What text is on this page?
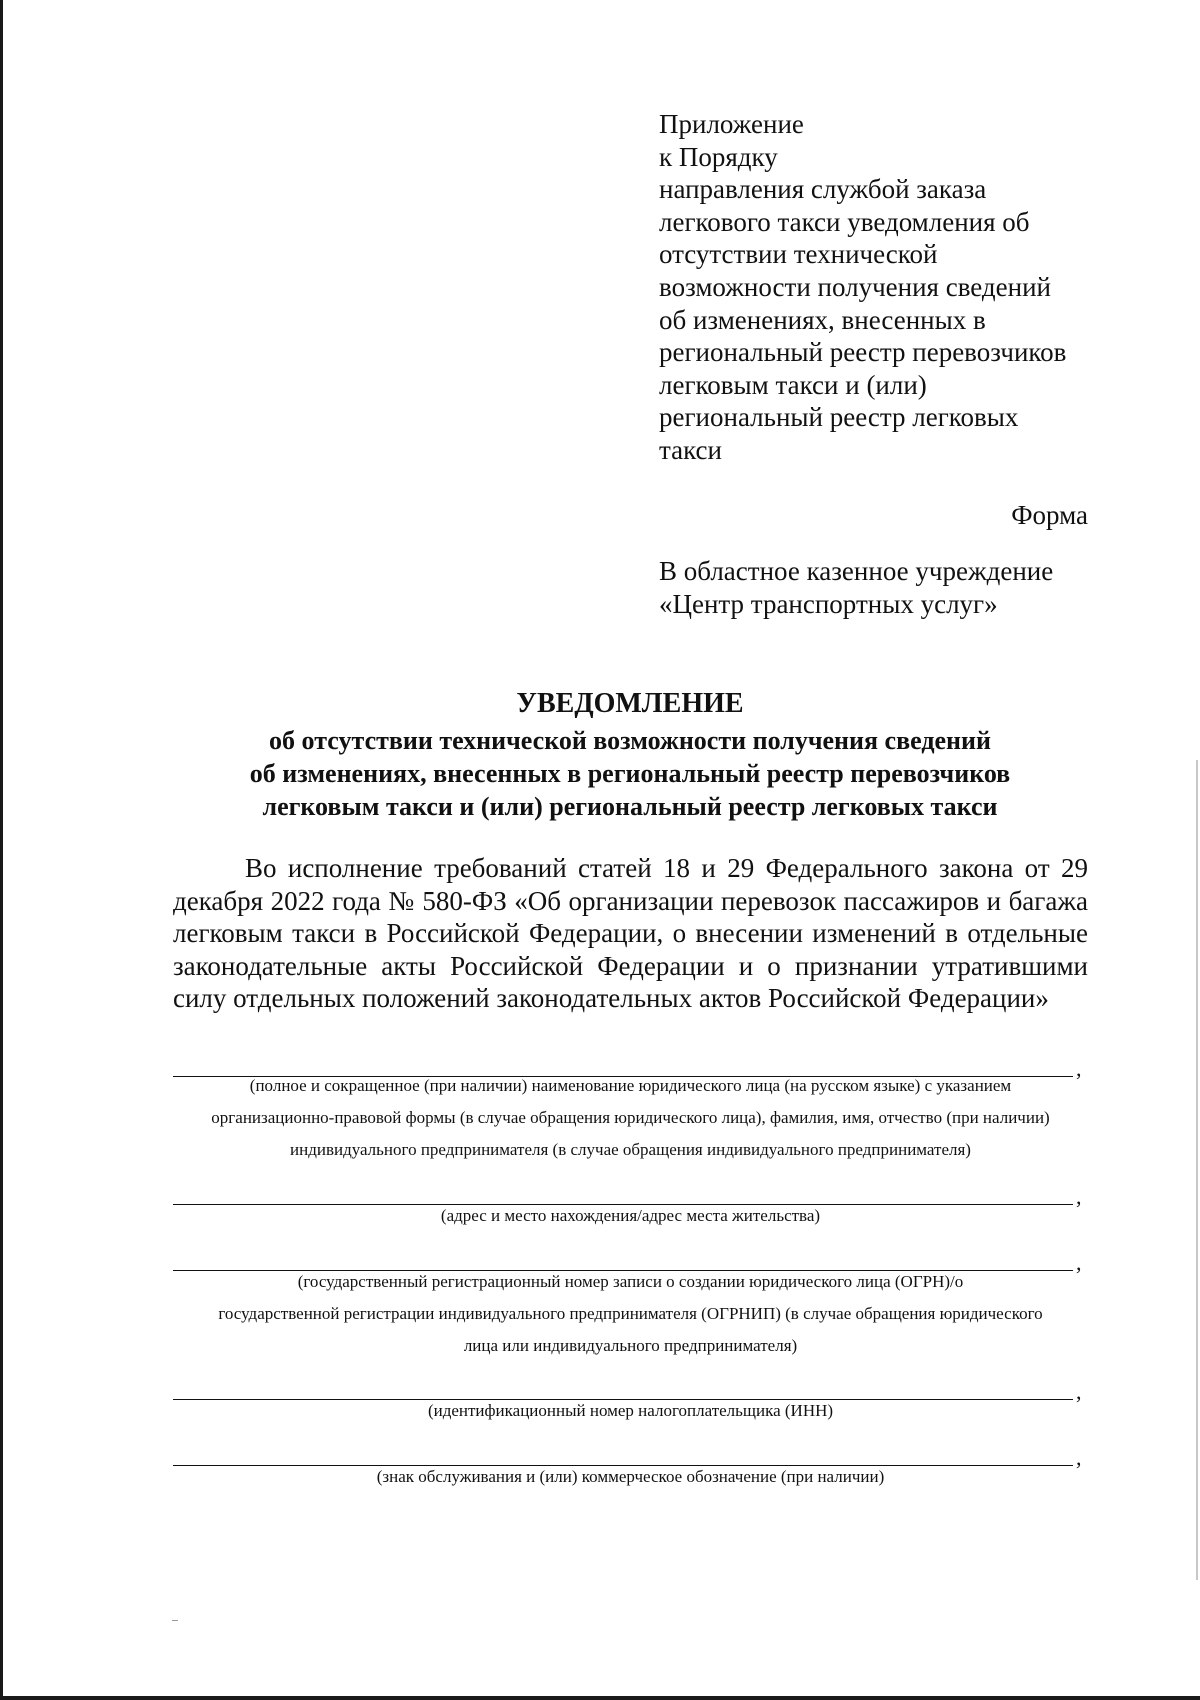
Приложение
к Порядку
направления службой заказа
легкового такси уведомления об
отсутствии технической
возможности получения сведений
об изменениях, внесенных в
региональный реестр перевозчиков
легковым такси и (или)
региональный реестр легковых
такси
Форма
В областное казенное учреждение
«Центр транспортных услуг»
УВЕДОМЛЕНИЕ
об отсутствии технической возможности получения сведений
об изменениях, внесенных в региональный реестр перевозчиков
легковым такси и (или) региональный реестр легковых такси
Во исполнение требований статей 18 и 29 Федерального закона от 29 декабря 2022 года № 580-ФЗ «Об организации перевозок пассажиров и багажа легковым такси в Российской Федерации, о внесении изменений в отдельные законодательные акты Российской Федерации и о признании утратившими силу отдельных положений законодательных актов Российской Федерации»
,
(полное и сокращенное (при наличии) наименование юридического лица (на русском языке) с указанием
организационно-правовой формы (в случае обращения юридического лица), фамилия, имя, отчество (при наличии)
индивидуального предпринимателя (в случае обращения индивидуального предпринимателя)
,
(адрес и место нахождения/адрес места жительства)
,
(государственный регистрационный номер записи о создании юридического лица (ОГРН)/о
государственной регистрации индивидуального предпринимателя (ОГРНИП) (в случае обращения юридического
лица или индивидуального предпринимателя)
,
(идентификационный номер налогоплательщика (ИНН)
,
(знак обслуживания и (или) коммерческое обозначение (при наличии)
